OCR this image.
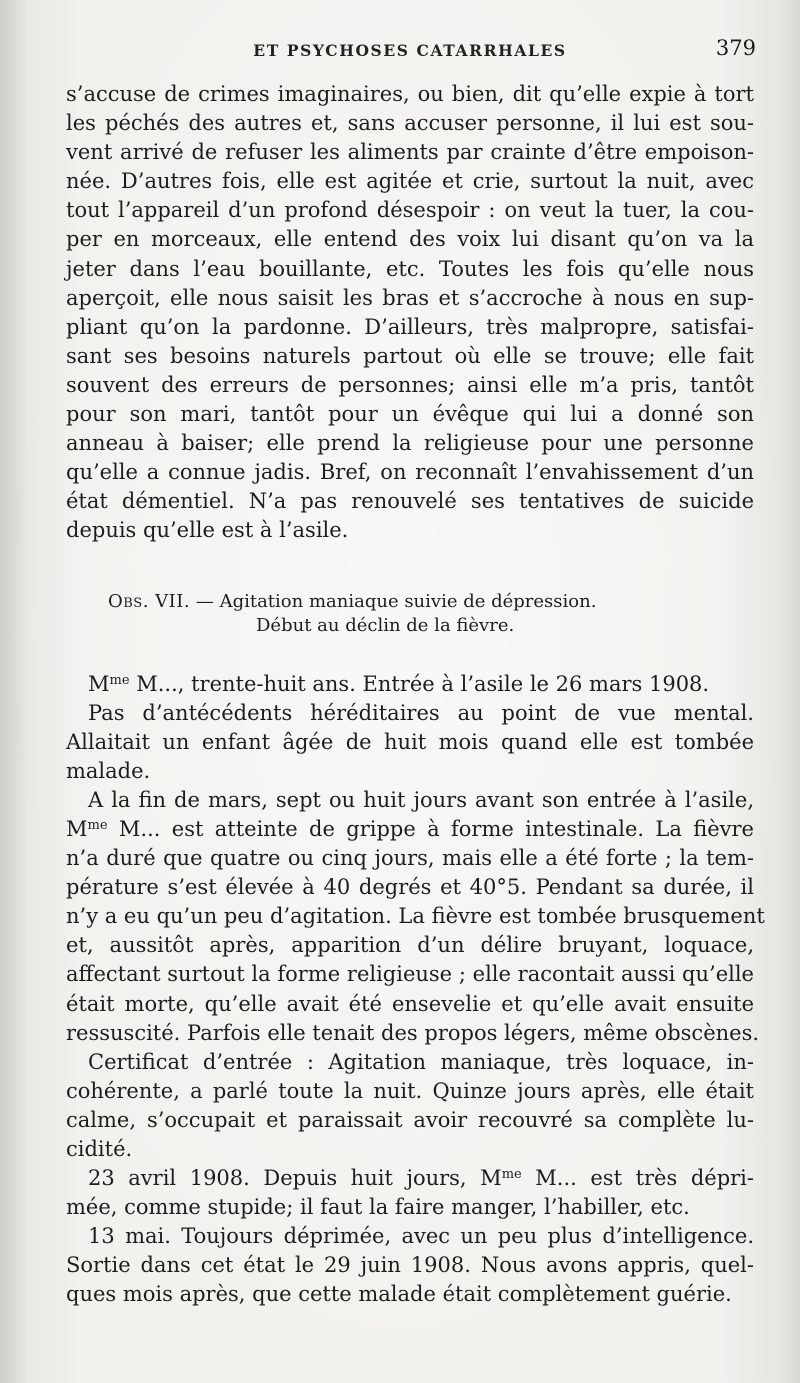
ET PSYCHOSES CATARRHALES	379
s’accuse de crimes imaginaires, ou bien, dit qu’elle expie à tort
les péchés des autres et, sans accuser personne, il lui est sou-
vent arrivé de refuser les aliments par crainte d’être empoison-
née. D’autres fois, elle est agitée et crie, surtout la nuit, avec
tout l’appareil d’un profond désespoir : on veut la tuer, la cou-
per en morceaux, elle entend des voix lui disant qu’on va la
jeter dans l’eau bouillante, etc. Toutes les fois qu’elle nous
aperçoit, elle nous saisit les bras et s’accroche à nous en sup-
pliant qu’on la pardonne. D’ailleurs, très malpropre, satisfai-
sant ses besoins naturels partout où elle se trouve; elle fait
souvent des erreurs de personnes; ainsi elle m’a pris, tantôt
pour son mari, tantôt pour un évêque qui lui a donné son
anneau à baiser; elle prend la religieuse pour une personne
qu’elle a connue jadis. Bref, on reconnaît l’envahissement d’un
état démentiel. N’a pas renouvelé ses tentatives de suicide
depuis qu’elle est à l’asile.
Obs. VII. — Agitation maniaque suivie de dépression.
Début au déclin de la fièvre.
$M^{me}$ M..., trente-huit ans. Entrée à l’asile le 26 mars 1908.
Pas d’antécédents héréditaires au point de vue mental.
Allaitait un enfant âgée de huit mois quand elle est tombée
malade.
A la fin de mars, sept ou huit jours avant son entrée à l’asile,
$M^{me}$ M... est atteinte de grippe à forme intestinale. La fièvre
n’a duré que quatre ou cinq jours, mais elle a été forte ; la tem-
pérature s’est élevée à 40 degrés et 40°5. Pendant sa durée, il
n’y a eu qu’un peu d’agitation. La fièvre est tombée brusquement
et, aussitôt après, apparition d’un délire bruyant, loquace,
affectant surtout la forme religieuse ; elle racontait aussi qu’elle
était morte, qu’elle avait été ensevelie et qu’elle avait ensuite
ressuscité. Parfois elle tenait des propos légers, même obscènes.
Certificat d’entrée : Agitation maniaque, très loquace, in-
cohérente, a parlé toute la nuit. Quinze jours après, elle était
calme, s’occupait et paraissait avoir recouvré sa complète lu-
cidité.
23 avril 1908. Depuis huit jours, $M^{me}$ M... est très dépri-
mée, comme stupide; il faut la faire manger, l’habiller, etc.
13 mai. Toujours déprimée, avec un peu plus d’intelligence.
Sortie dans cet état le 29 juin 1908. Nous avons appris, quel-
ques mois après, que cette malade était complètement guérie.
